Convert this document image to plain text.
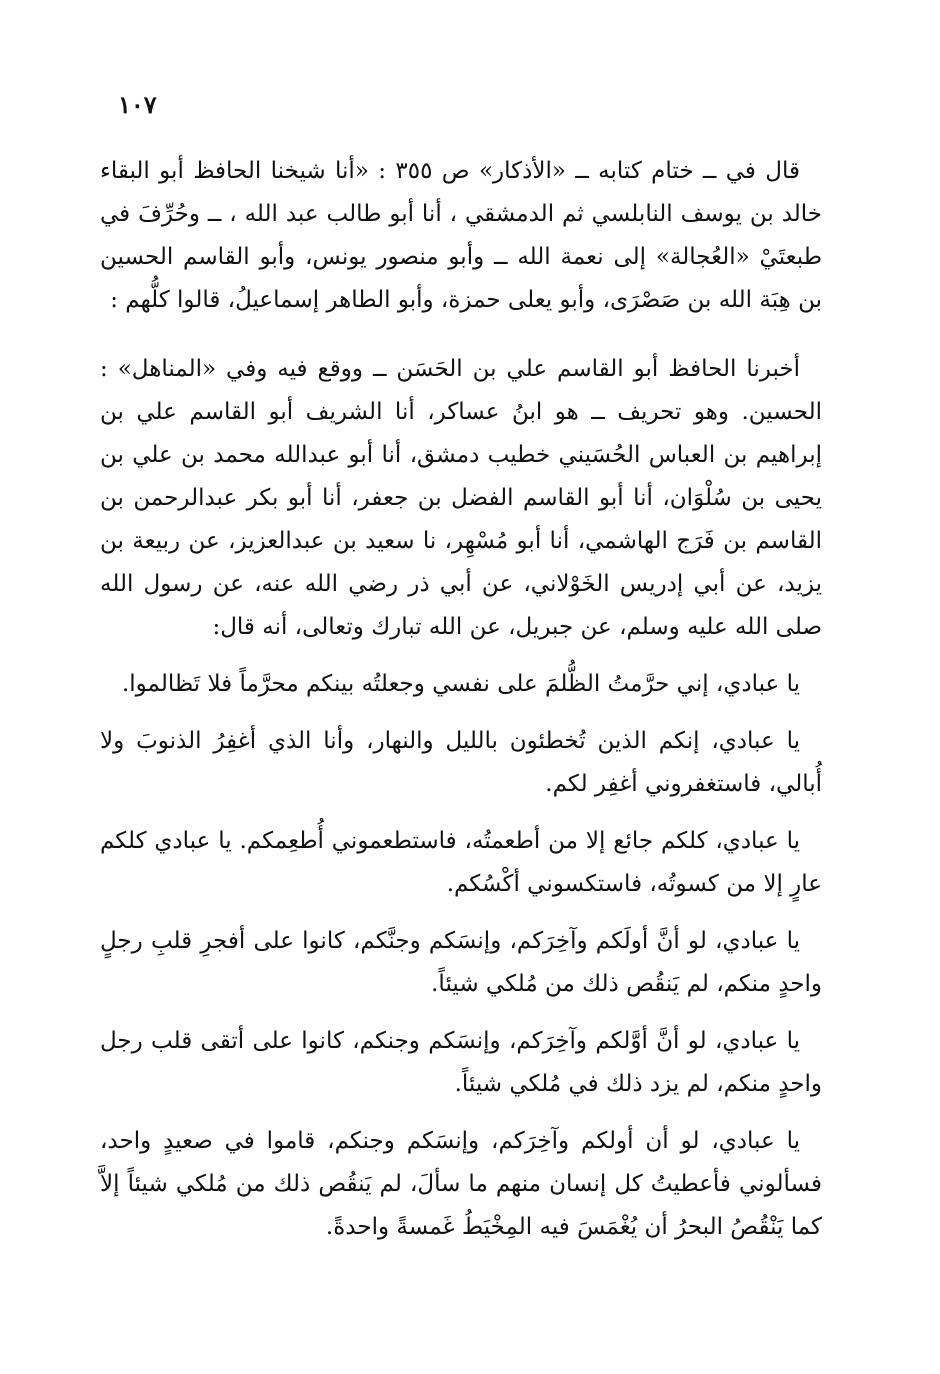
١٠٧

قال في ــ ختام كتابه ــ «الأذكار» ص ٣٥٥ : «أنا شيخنا الحافظ أبو البقاء خالد بن يوسف النابلسي ثم الدمشقي ، أنا أبو طالب عبد الله ، ــ وحُرِّفَ في طبعتَيْ «العُجالة» إلى نعمة الله ــ وأبو منصور يونس، وأبو القاسم الحسين بن هِبَة الله بن صَصْرَى، وأبو يعلى حمزة، وأبو الطاهر إسماعيلُ، قالوا كلُّهم :

أخبرنا الحافظ أبو القاسم علي بن الحَسَن ــ ووقع فيه وفي «المناهل» : الحسين. وهو تحريف ــ هو ابنُ عساكر، أنا الشريف أبو القاسم علي بن إبراهيم بن العباس الحُسَيني خطيب دمشق، أنا أبو عبدالله محمد بن علي بن يحيى بن سُلْوَان، أنا أبو القاسم الفضل بن جعفر، أنا أبو بكر عبدالرحمن بن القاسم بن فَرَج الهاشمي، أنا أبو مُسْهِر، نا سعيد بن عبدالعزيز، عن ربيعة بن يزيد، عن أبي إدريس الخَوْلاني، عن أبي ذر رضي الله عنه، عن رسول الله صلى الله عليه وسلم، عن جبريل، عن الله تبارك وتعالى، أنه قال:

يا عبادي، إني حرَّمتُ الظُّلمَ على نفسي وجعلتُه بينكم محرَّماً فلا تَظالموا.

يا عبادي، إنكم الذين تُخطئون بالليل والنهار، وأنا الذي أغفِرُ الذنوبَ ولا أُبالي، فاستغفروني أغفِر لكم.

يا عبادي، كلكم جائع إلا من أطعمتُه، فاستطعموني أُطعِمكم. يا عبادي كلكم عارٍ إلا من كسوتُه، فاستكسوني أكْسُكم.

يا عبادي، لو أنَّ أولَكم وآخِرَكم، وإنسَكم وجنَّكم، كانوا على أفجرِ قلبِ رجلٍ واحدٍ منكم، لم يَنقُص ذلك من مُلكي شيئاً.

يا عبادي، لو أنَّ أوَّلكم وآخِرَكم، وإنسَكم وجنكم، كانوا على أتقى قلب رجل واحدٍ منكم، لم يزد ذلك في مُلكي شيئاً.

يا عبادي، لو أن أولكم وآخِرَكم، وإنسَكم وجنكم، قاموا في صعيدٍ واحد، فسألوني فأعطيتُ كل إنسان منهم ما سألَ، لم يَنقُص ذلك من مُلكي شيئاً إلاَّ كما يَنْقُصُ البحرُ أن يُغْمَسَ فيه المِخْيَطُ غَمسةً واحدةً.
